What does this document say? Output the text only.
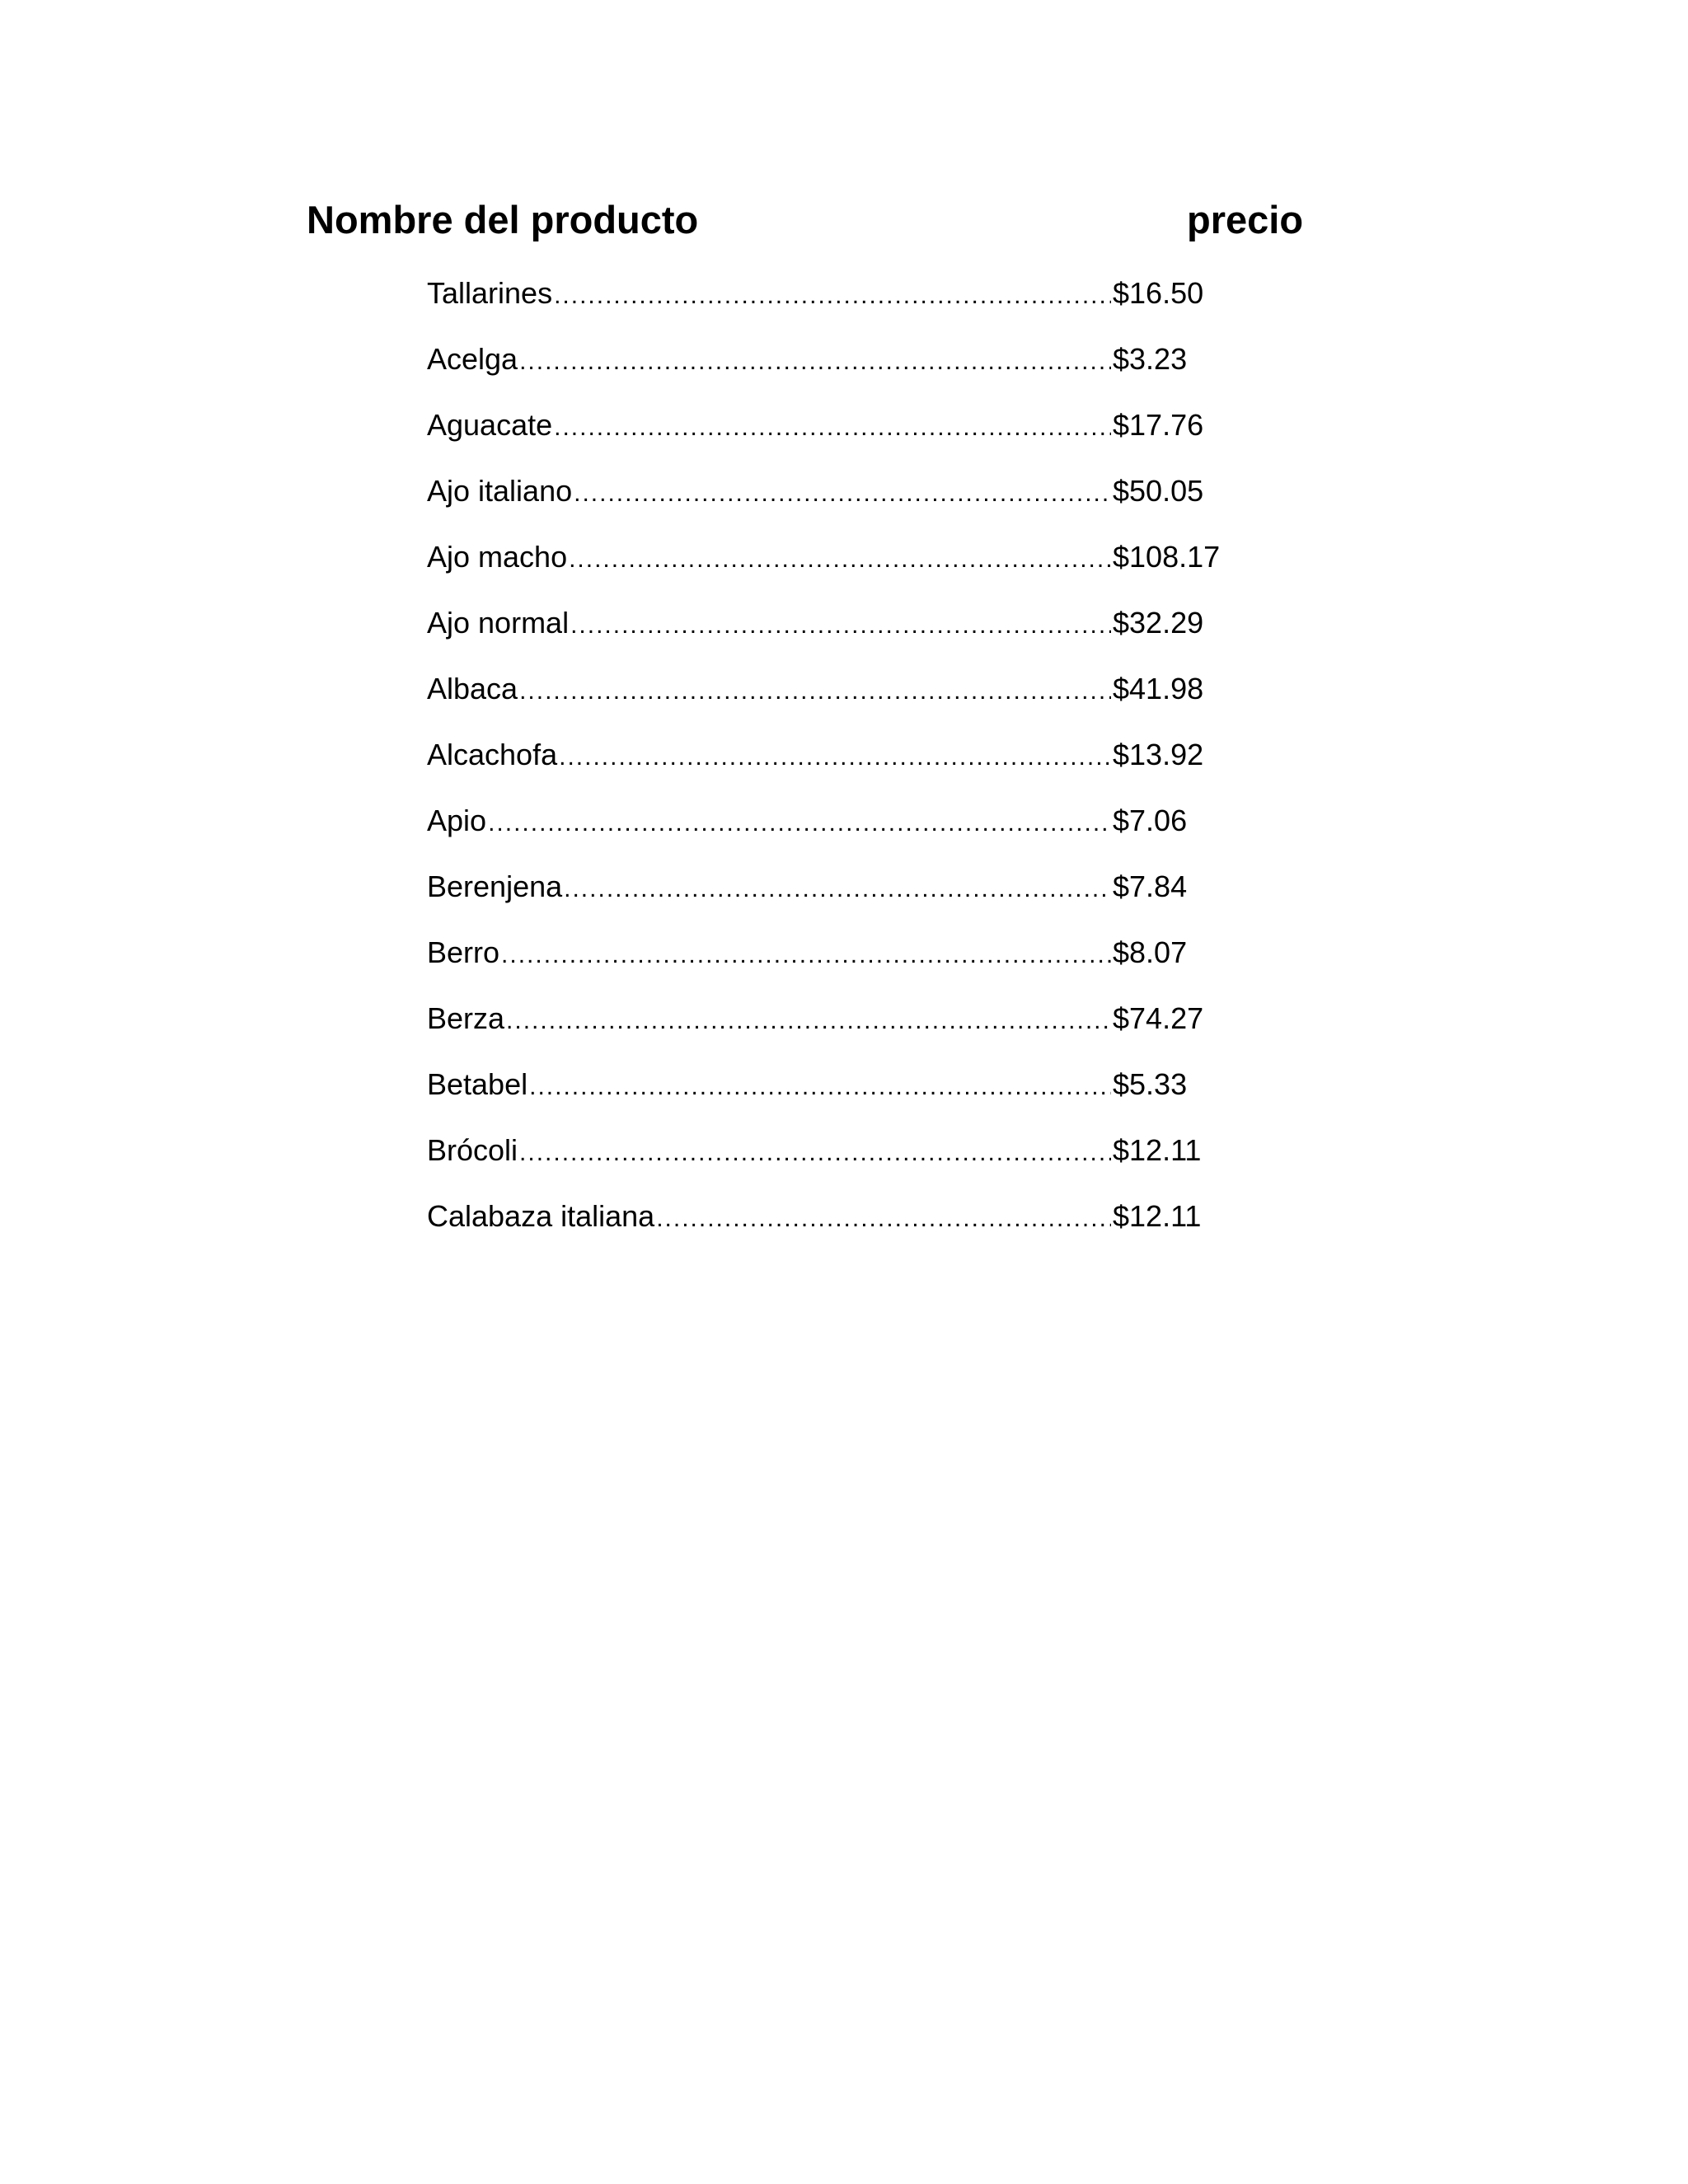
Nombre del producto	precio
Tallarines .....	$16.50
Acelga .....	$3.23
Aguacate .....	$17.76
Ajo italiano .....	$50.05
Ajo macho .....	$108.17
Ajo normal .....	$32.29
Albaca .....	$41.98
Alcachofa .....	$13.92
Apio .....	$7.06
Berenjena .....	$7.84
Berro .....	$8.07
Berza .....	$74.27
Betabel .....	$5.33
Brócoli .....	$12.11
Calabaza italiana .....	$12.11
